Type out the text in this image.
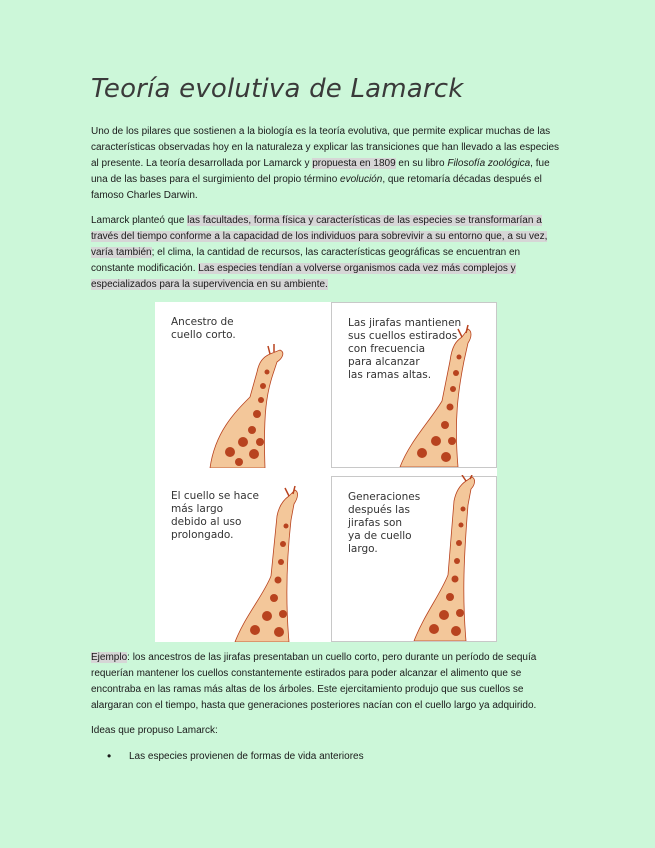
Teoría evolutiva de Lamarck

Uno de los pilares que sostienen a la biología es la teoría evolutiva, que permite explicar muchas de las características observadas hoy en la naturaleza y explicar las transiciones que han llevado a las especies al presente. La teoría desarrollada por Lamarck y propuesta en 1809 en su libro Filosofía zoológica, fue una de las bases para el surgimiento del propio término evolución, que retomaría décadas después el famoso Charles Darwin.

Lamarck planteó que las facultades, forma física y características de las especies se transformarían a través del tiempo conforme a la capacidad de los individuos para sobrevivir a su entorno que, a su vez, varía también; el clima, la cantidad de recursos, las características geográficas se encuentran en constante modificación. Las especies tendían a volverse organismos cada vez más complejos y especializados para la supervivencia en su ambiente.

Ancestro de
cuello corto.
Las jirafas mantienen
sus cuellos estirados
con frecuencia
para alcanzar
las ramas altas.
El cuello se hace
más largo
debido al uso
prolongado.
Generaciones
después las
jirafas son
ya de cuello
largo.

Ejemplo: los ancestros de las jirafas presentaban un cuello corto, pero durante un período de sequía requerían mantener los cuellos constantemente estirados para poder alcanzar el alimento que se encontraba en las ramas más altas de los árboles. Este ejercitamiento produjo que sus cuellos se alargaran con el tiempo, hasta que generaciones posteriores nacían con el cuello largo ya adquirido.

Ideas que propuso Lamarck:

• Las especies provienen de formas de vida anteriores
